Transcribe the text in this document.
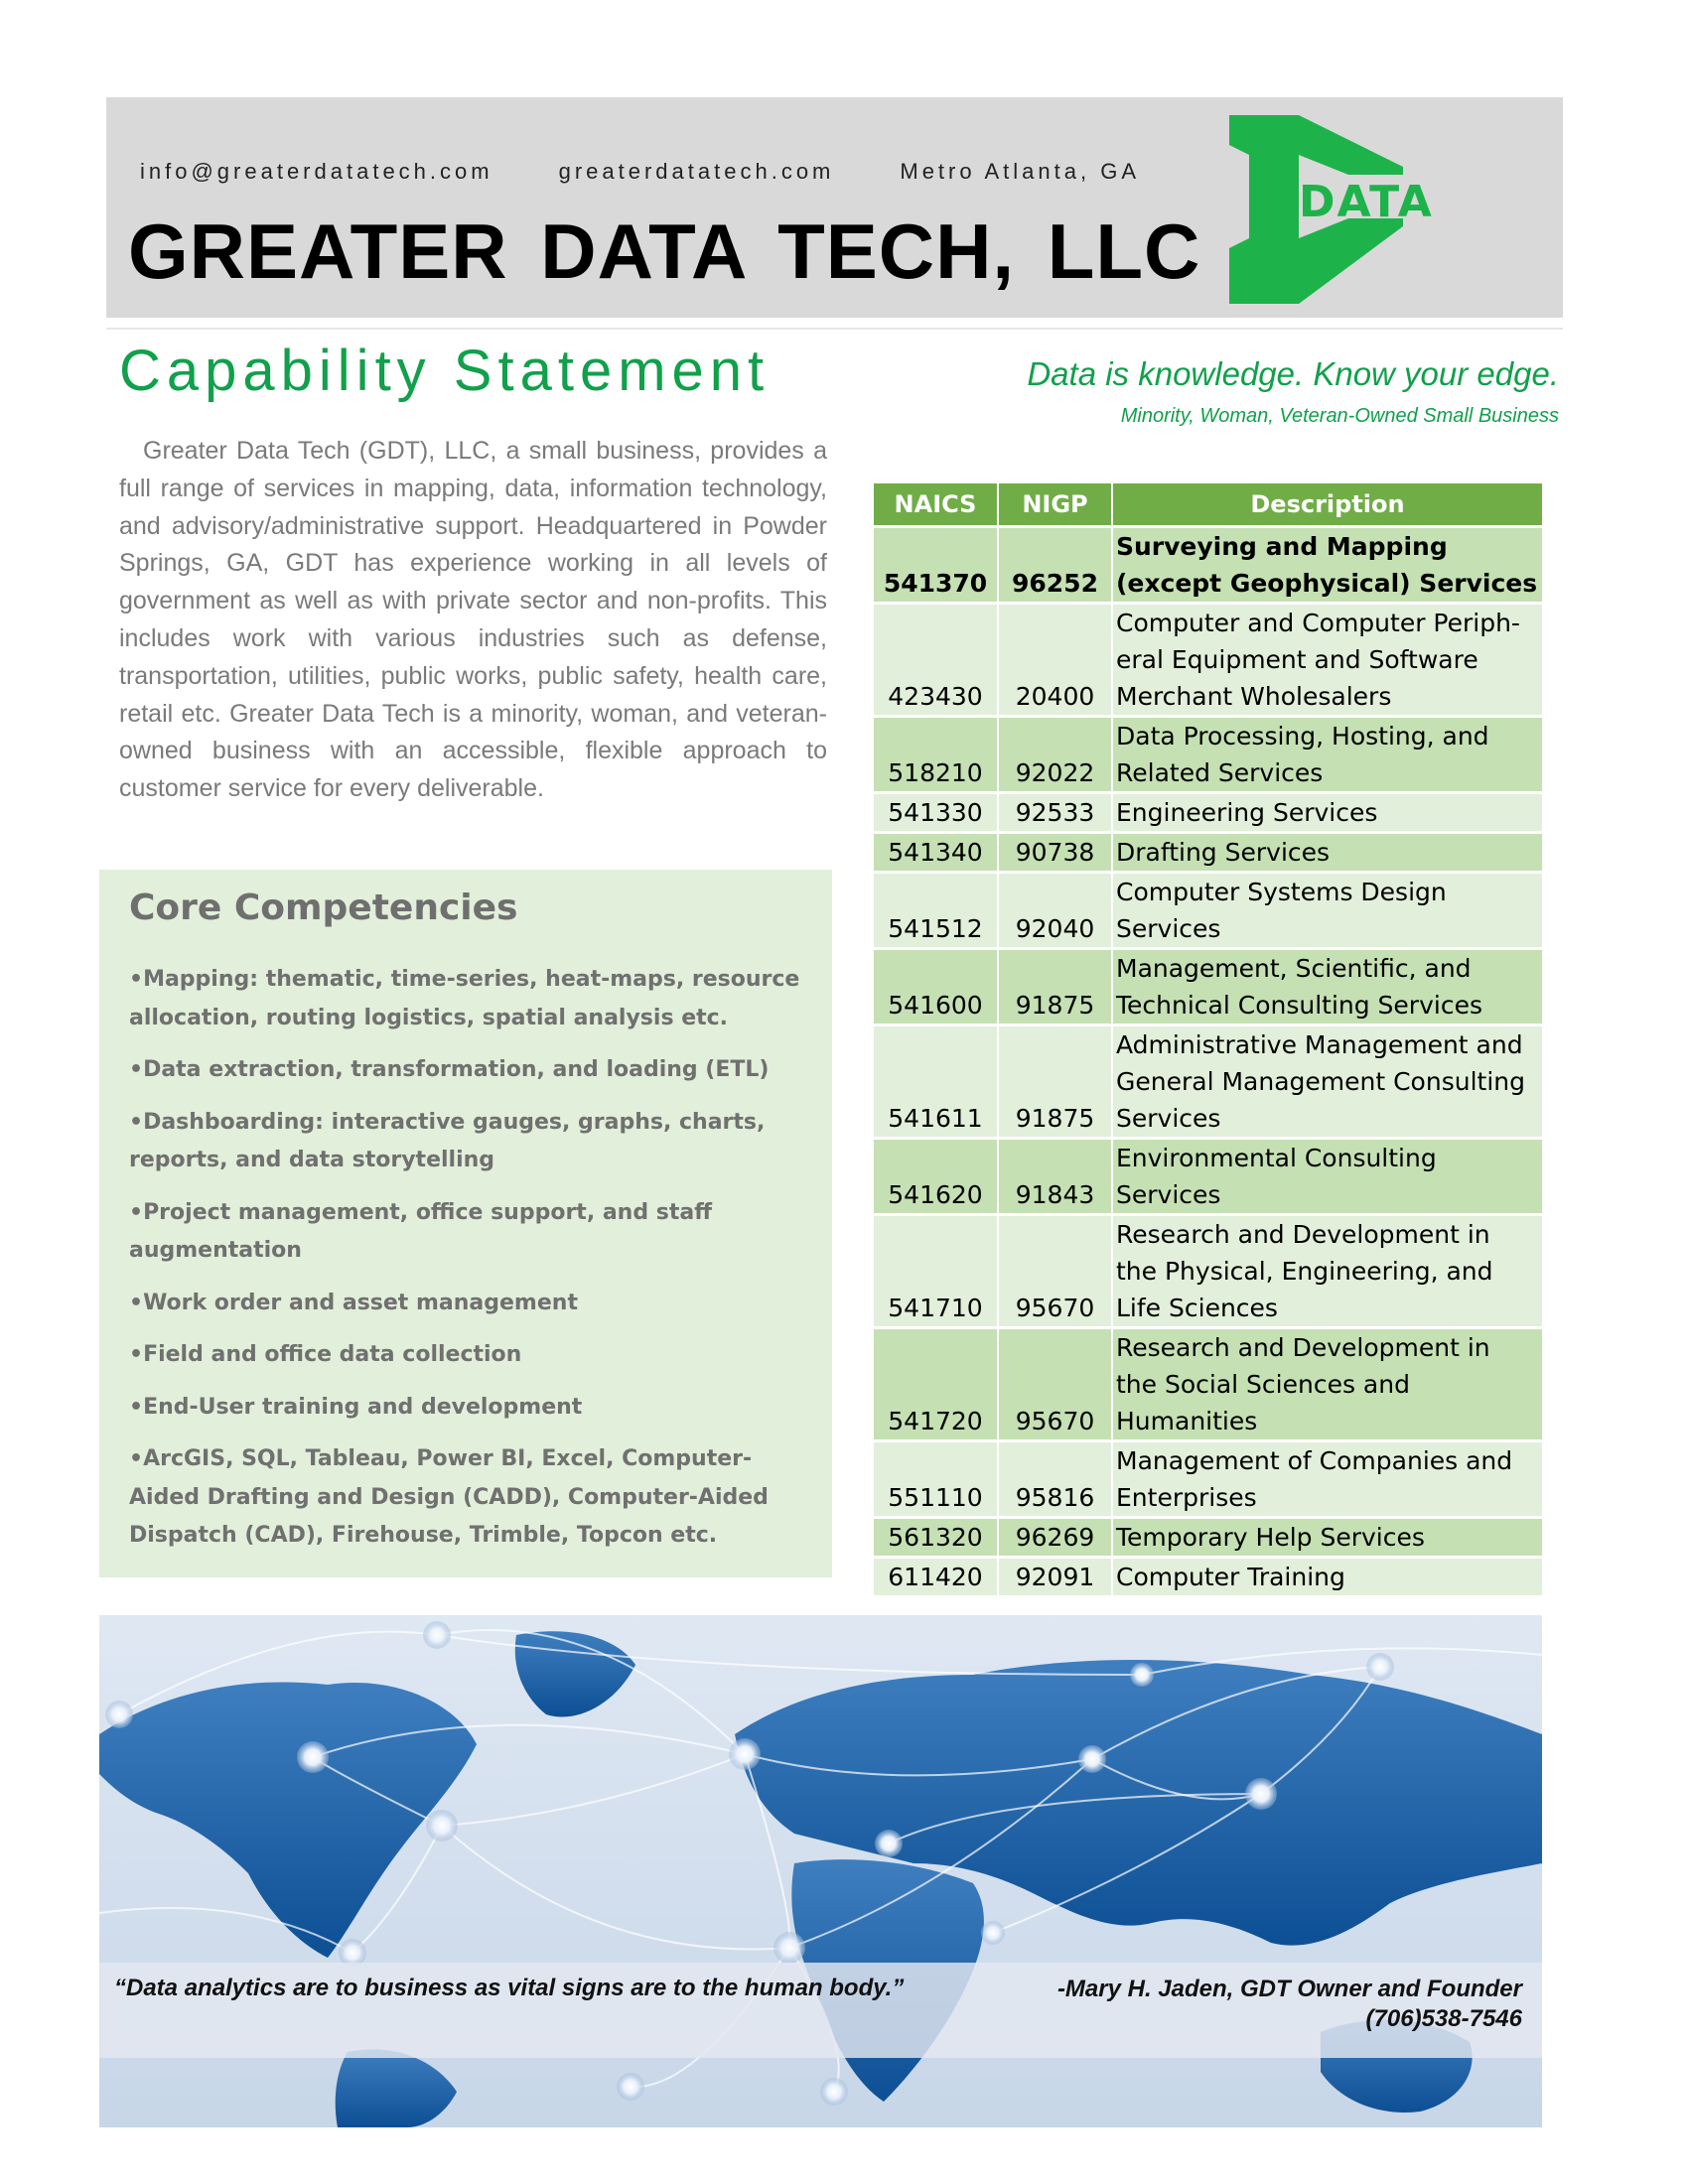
info@greaterdatatech.com	greaterdatatech.com	Metro Atlanta, GA
GREATER DATA TECH, LLC
DATA
Capability Statement	Data is knowledge. Know your edge.
Minority, Woman, Veteran-Owned Small Business

Greater Data Tech (GDT), LLC, a small business, provides a full range of services in mapping, data, information technology, and advisory/administrative support. Headquartered in Powder Springs, GA, GDT has experience working in all levels of government as well as with private sector and non-profits. This includes work with various industries such as defense, transportation, utilities, public works, public safety, health care, retail etc. Greater Data Tech is a minority, woman, and veteran-owned business with an accessible, flexible approach to customer service for every deliverable.

Core Competencies
• Mapping: thematic, time-series, heat-maps, resource allocation, routing logistics, spatial analysis etc.
• Data extraction, transformation, and loading (ETL)
• Dashboarding: interactive gauges, graphs, charts, reports, and data storytelling
• Project management, office support, and staff augmentation
• Work order and asset management
• Field and office data collection
• End-User training and development
• ArcGIS, SQL, Tableau, Power BI, Excel, Computer-Aided Drafting and Design (CADD), Computer-Aided Dispatch (CAD), Firehouse, Trimble, Topcon etc.
NAICS	NIGP	Description
541370	96252	Surveying and Mapping (except Geophysical) Services
423430	20400	Computer and Computer Periph-eral Equipment and Software Merchant Wholesalers
518210	92022	Data Processing, Hosting, and Related Services
541330	92533	Engineering Services
541340	90738	Drafting Services
541512	92040	Computer Systems Design Services
541600	91875	Management, Scientific, and Technical Consulting Services
541611	91875	Administrative Management and General Management Consulting Services
541620	91843	Environmental Consulting Services
541710	95670	Research and Development in the Physical, Engineering, and Life Sciences
541720	95670	Research and Development in the Social Sciences and Humanities
551110	95816	Management of Companies and Enterprises
561320	96269	Temporary Help Services
611420	92091	Computer Training
“Data analytics are to business as vital signs are to the human body.”	-Mary H. Jaden, GDT Owner and Founder
(706)538-7546
